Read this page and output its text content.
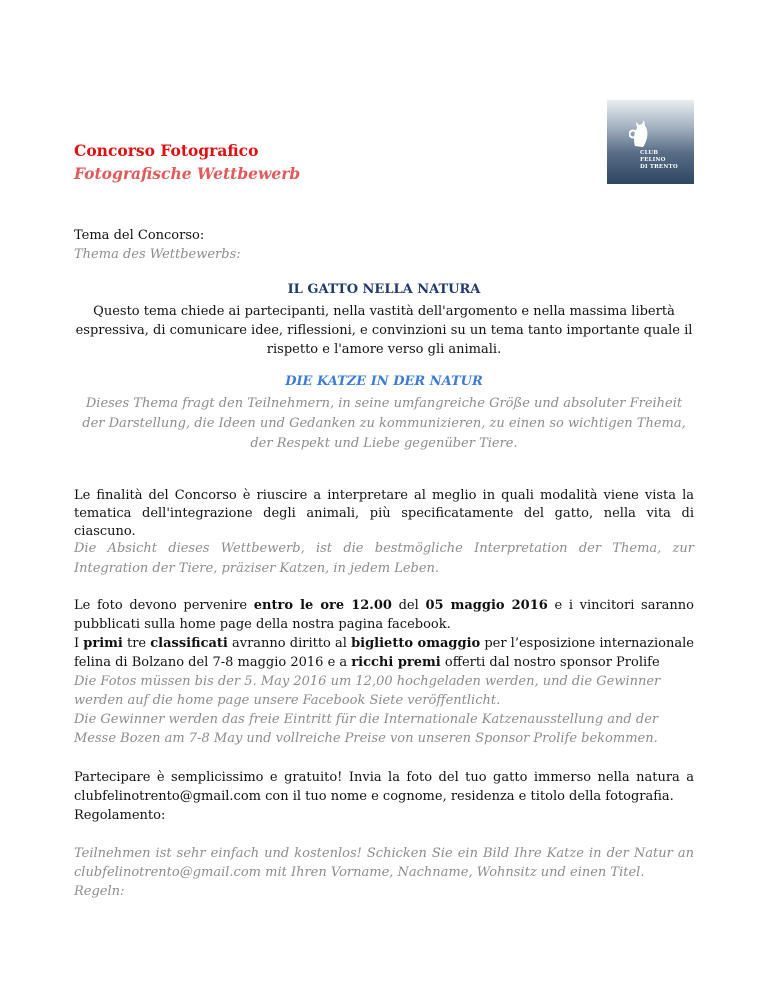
CLUB
FELINO
DI TRENTO
Concorso Fotografico
Fotografische Wettbewerb
Tema del Concorso:
Thema des Wettbewerbs:
IL GATTO NELLA NATURA

Questo tema chiede ai partecipanti, nella vastità dell'argomento e nella massima libertà espressiva, di comunicare idee, riflessioni, e convinzioni su un tema tanto importante quale il rispetto e l'amore verso gli animali.

DIE KATZE IN DER NATUR

Dieses Thema fragt den Teilnehmern, in seine umfangreiche Größe und absoluter Freiheit der Darstellung, die Ideen und Gedanken zu kommunizieren, zu einen so wichtigen Thema, der Respekt und Liebe gegenüber Tiere.

Le finalità del Concorso è riuscire a interpretare al meglio in quali modalità viene vista la tematica dell'integrazione degli animali, più specificatamente del gatto, nella vita di ciascuno.

Die Absicht dieses Wettbewerb, ist die bestmögliche Interpretation der Thema, zur Integration der Tiere, präziser Katzen, in jedem Leben.

Le foto devono pervenire entro le ore 12.00 del 05 maggio 2016 e i vincitori saranno pubblicati sulla home page della nostra pagina facebook.

I primi tre classificati avranno diritto al biglietto omaggio per l’esposizione internazionale felina di Bolzano del 7-8 maggio 2016 e a ricchi premi offerti dal nostro sponsor Prolife

Die Fotos müssen bis der 5. May 2016 um 12,00 hochgeladen werden, und die Gewinner werden auf die home page unsere Facebook Siete veröffentlicht.

Die Gewinner werden das freie Eintritt für die Internationale Katzenausstellung and der Messe Bozen am 7-8 May und vollreiche Preise von unseren Sponsor Prolife bekommen.

Partecipare è semplicissimo e gratuito! Invia la foto del tuo gatto immerso nella natura a clubfelinotrento@gmail.com con il tuo nome e cognome, residenza e titolo della fotografia.

Regolamento:

Teilnehmen ist sehr einfach und kostenlos! Schicken Sie ein Bild Ihre Katze in der Natur an clubfelinotrento@gmail.com mit Ihren Vorname, Nachname, Wohnsitz und einen Titel.

Regeln:
